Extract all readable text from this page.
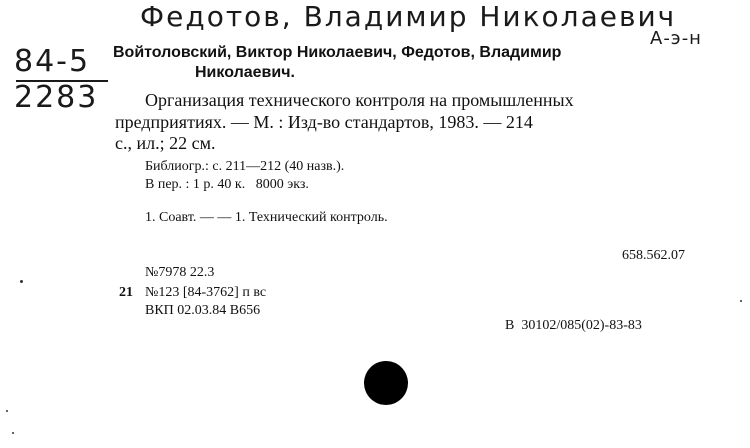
Федотов, Владимир Николаевич
А-э-н
84-5
2283
Войтоловский, Виктор Николаевич, Федотов, Владимир
Николаевич.
Организация технического контроля на промышленных
предприятиях. — М. : Изд-во стандартов, 1983. — 214
с., ил.; 22 см.
Библиогр.: с. 211—212 (40 назв.).
В пер. : 1 р. 40 к.   8000 экз.
1. Соавт. — — 1. Технический контроль.
658.562.07
№7978 22.3
21 №123 [84-3762] п вс
ВКП 02.03.84 В656
В  30102/085(02)-83-83
